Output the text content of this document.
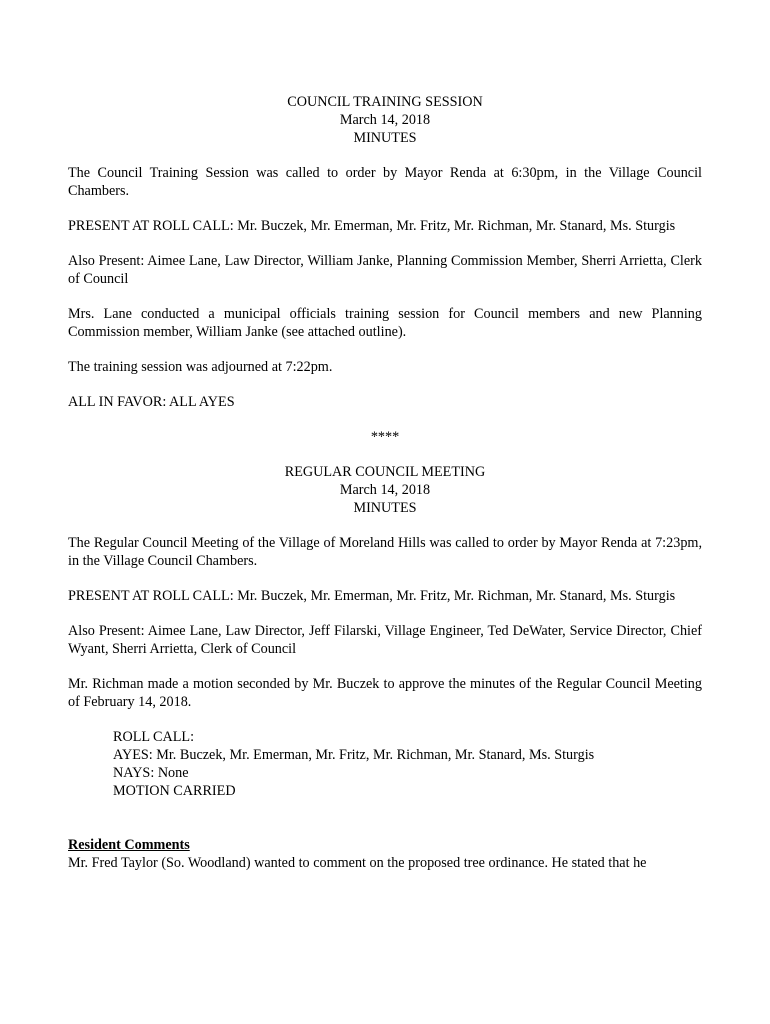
COUNCIL TRAINING SESSION
March 14, 2018
MINUTES

The Council Training Session was called to order by Mayor Renda at 6:30pm, in the Village Council Chambers.

PRESENT AT ROLL CALL: Mr. Buczek, Mr. Emerman, Mr. Fritz, Mr. Richman, Mr. Stanard, Ms. Sturgis

Also Present: Aimee Lane, Law Director, William Janke, Planning Commission Member, Sherri Arrietta, Clerk of Council

Mrs. Lane conducted a municipal officials training session for Council members and new Planning Commission member, William Janke (see attached outline).

The training session was adjourned at 7:22pm.

ALL IN FAVOR: ALL AYES

****

REGULAR COUNCIL MEETING
March 14, 2018
MINUTES

The Regular Council Meeting of the Village of Moreland Hills was called to order by Mayor Renda at 7:23pm, in the Village Council Chambers.

PRESENT AT ROLL CALL: Mr. Buczek, Mr. Emerman, Mr. Fritz, Mr. Richman, Mr. Stanard, Ms. Sturgis

Also Present: Aimee Lane, Law Director, Jeff Filarski, Village Engineer, Ted DeWater, Service Director, Chief Wyant, Sherri Arrietta, Clerk of Council

Mr. Richman made a motion seconded by Mr. Buczek to approve the minutes of the Regular Council Meeting of February 14, 2018.

ROLL CALL:
AYES: Mr. Buczek, Mr. Emerman, Mr. Fritz, Mr. Richman, Mr. Stanard, Ms. Sturgis
NAYS: None
MOTION CARRIED
Resident Comments
Mr. Fred Taylor (So. Woodland) wanted to comment on the proposed tree ordinance. He stated that he
